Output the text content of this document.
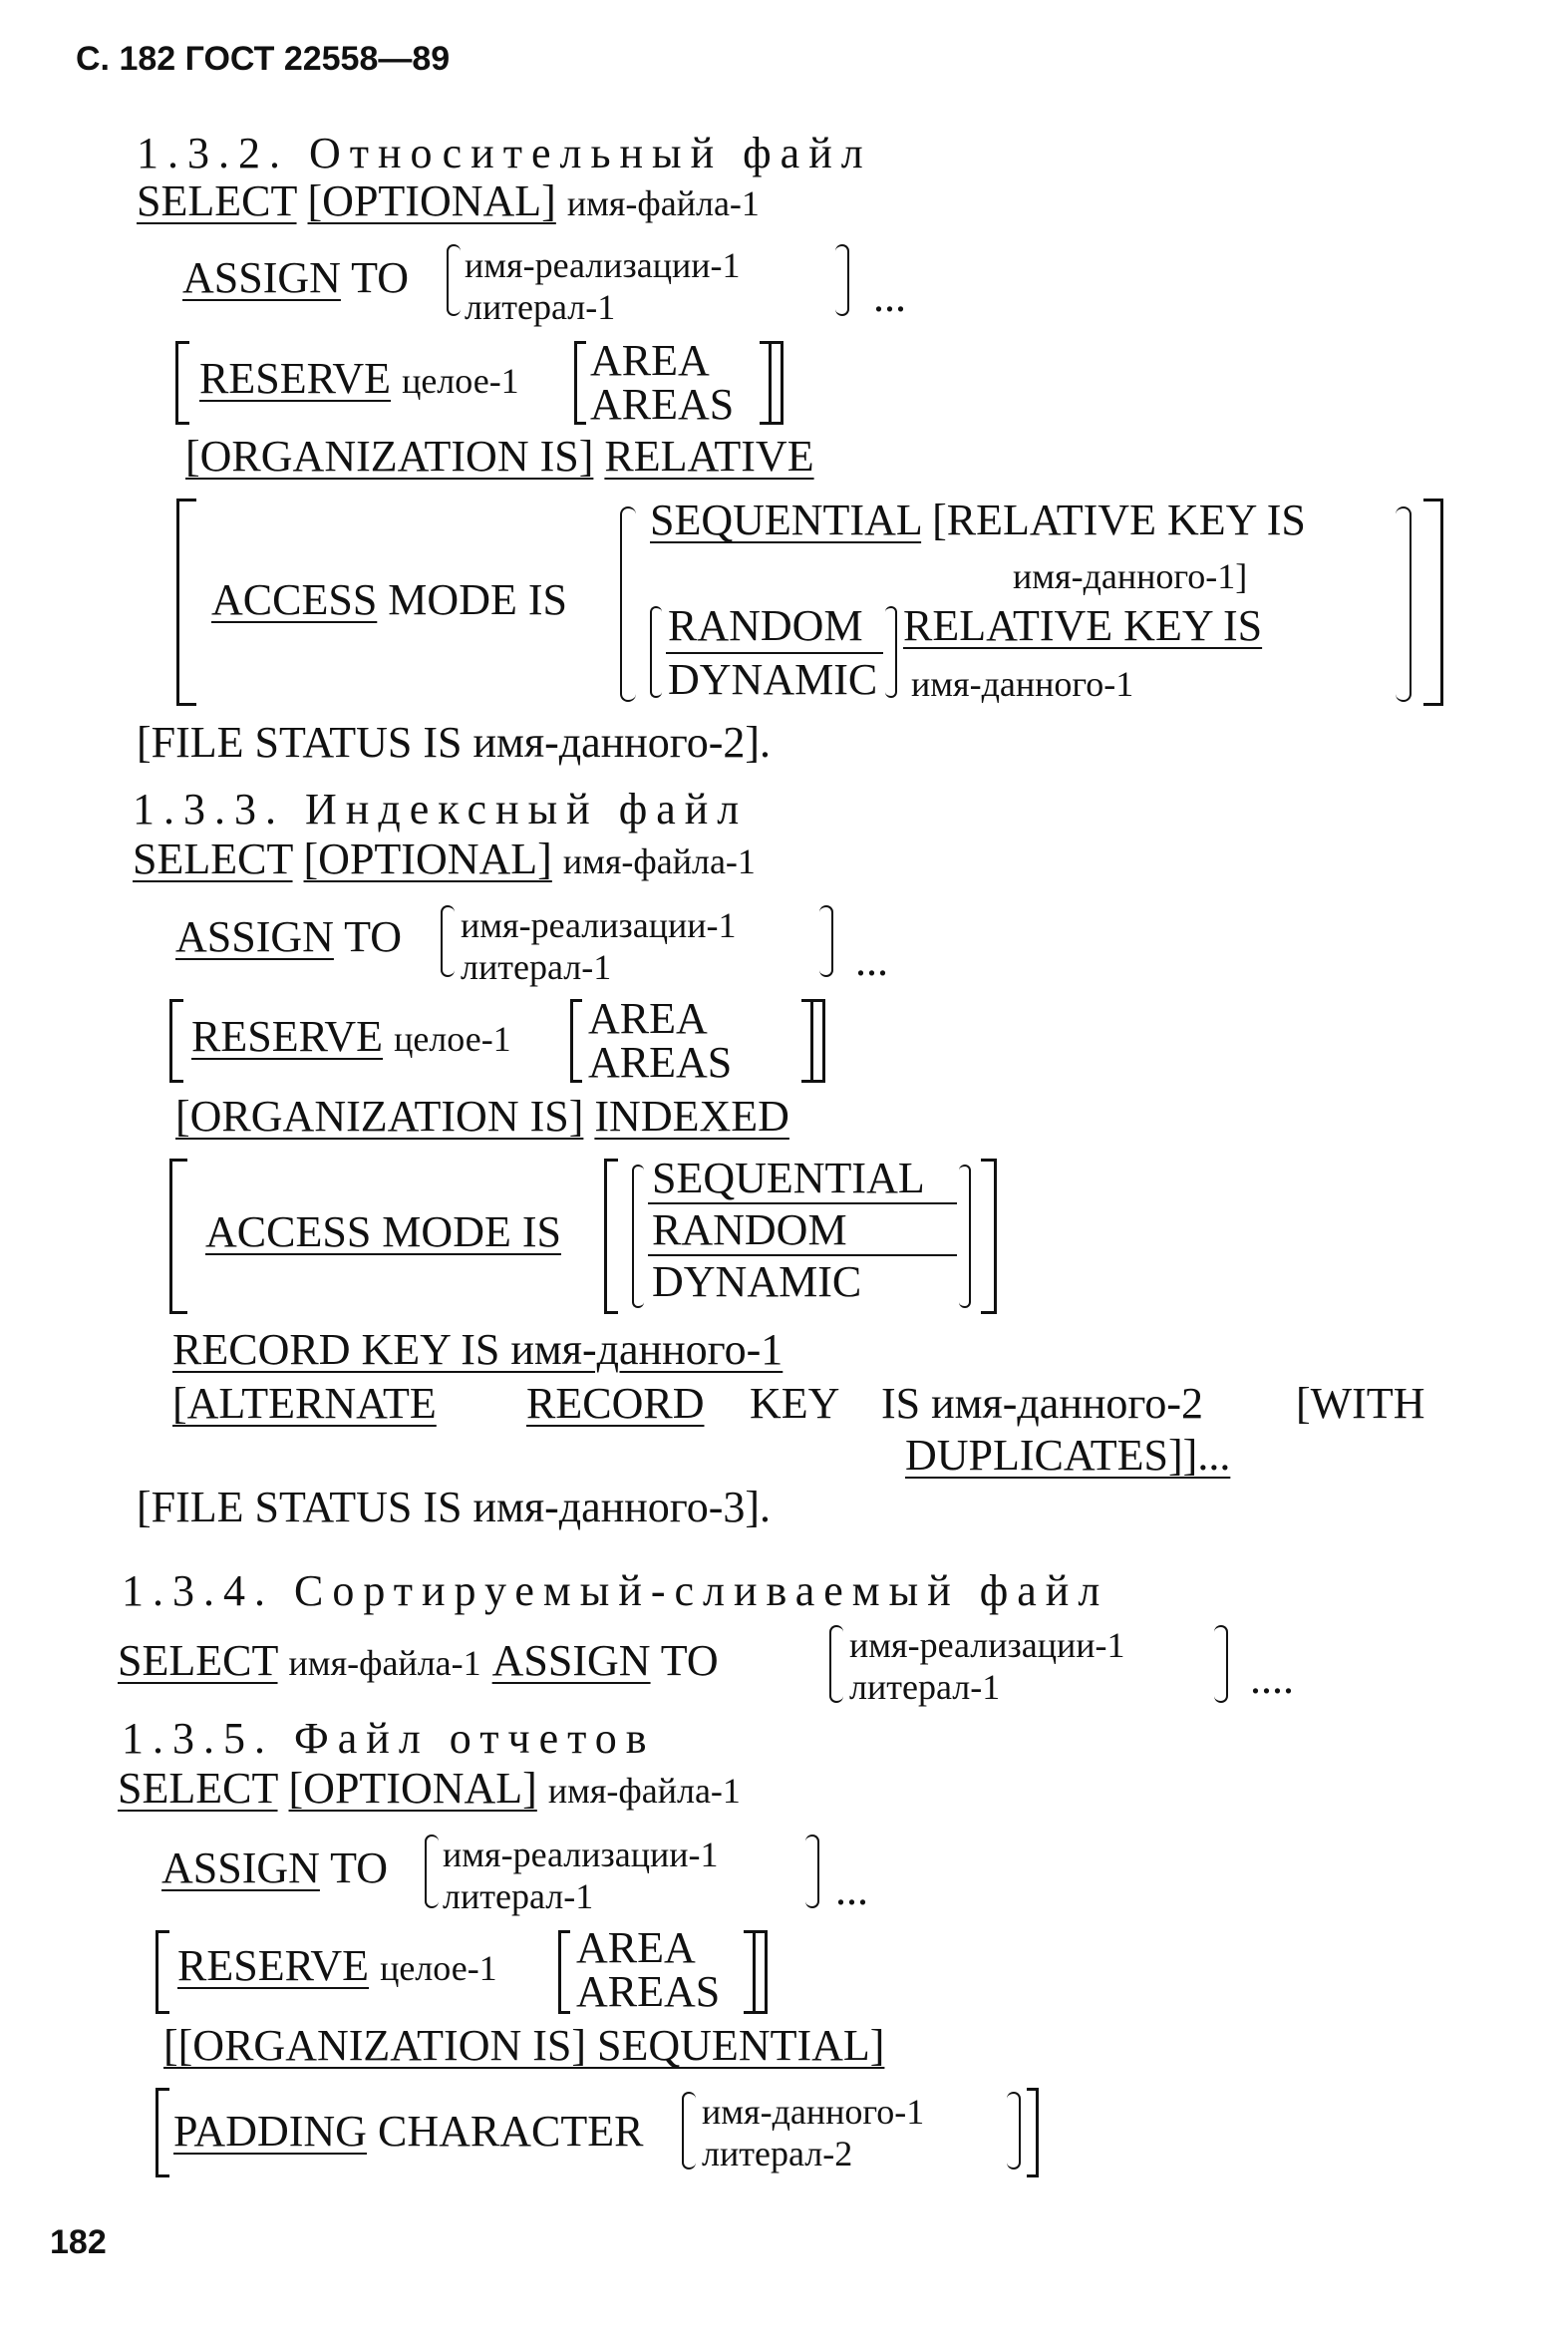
С. 182 ГОСТ 22558—89
1.3.2. Относительный файл
SELECT [OPTIONAL] имя-файла-1
ASSIGN TO имя-реализации-1
литерал-1	...
RESERVE целое-1 AREA
AREAS
[ORGANIZATION IS] RELATIVE
ACCESS MODE IS
SEQUENTIAL [RELATIVE KEY IS
имя-данного-1]
RANDOM
DYNAMIC
RELATIVE KEY IS
имя-данного-1
[FILE STATUS IS имя-данного-2].
1.3.3. Индексный файл
SELECT [OPTIONAL] имя-файла-1
ASSIGN TO имя-реализации-1
литерал-1	...
RESERVE целое-1 AREA
AREAS
[ORGANIZATION IS] INDEXED
ACCESS MODE IS
SEQUENTIAL
RANDOM
DYNAMIC
RECORD KEY IS имя-данного-1
[ALTERNATE RECORD KEY IS имя-данного-2 [WITH
DUPLICATES]]...
[FILE STATUS IS имя-данного-3].
1.3.4. Сортируемый-сливаемый файл
SELECT имя-файла-1 ASSIGN TO	имя-реализации-1
литерал-1	....
1.3.5. Файл отчетов
SELECT [OPTIONAL] имя-файла-1
ASSIGN TO имя-реализации-1
литерал-1	...
RESERVE целое-1 AREA
AREAS
[[ORGANIZATION IS] SEQUENTIAL]
PADDING CHARACTER имя-данного-1
литерал-2
182
